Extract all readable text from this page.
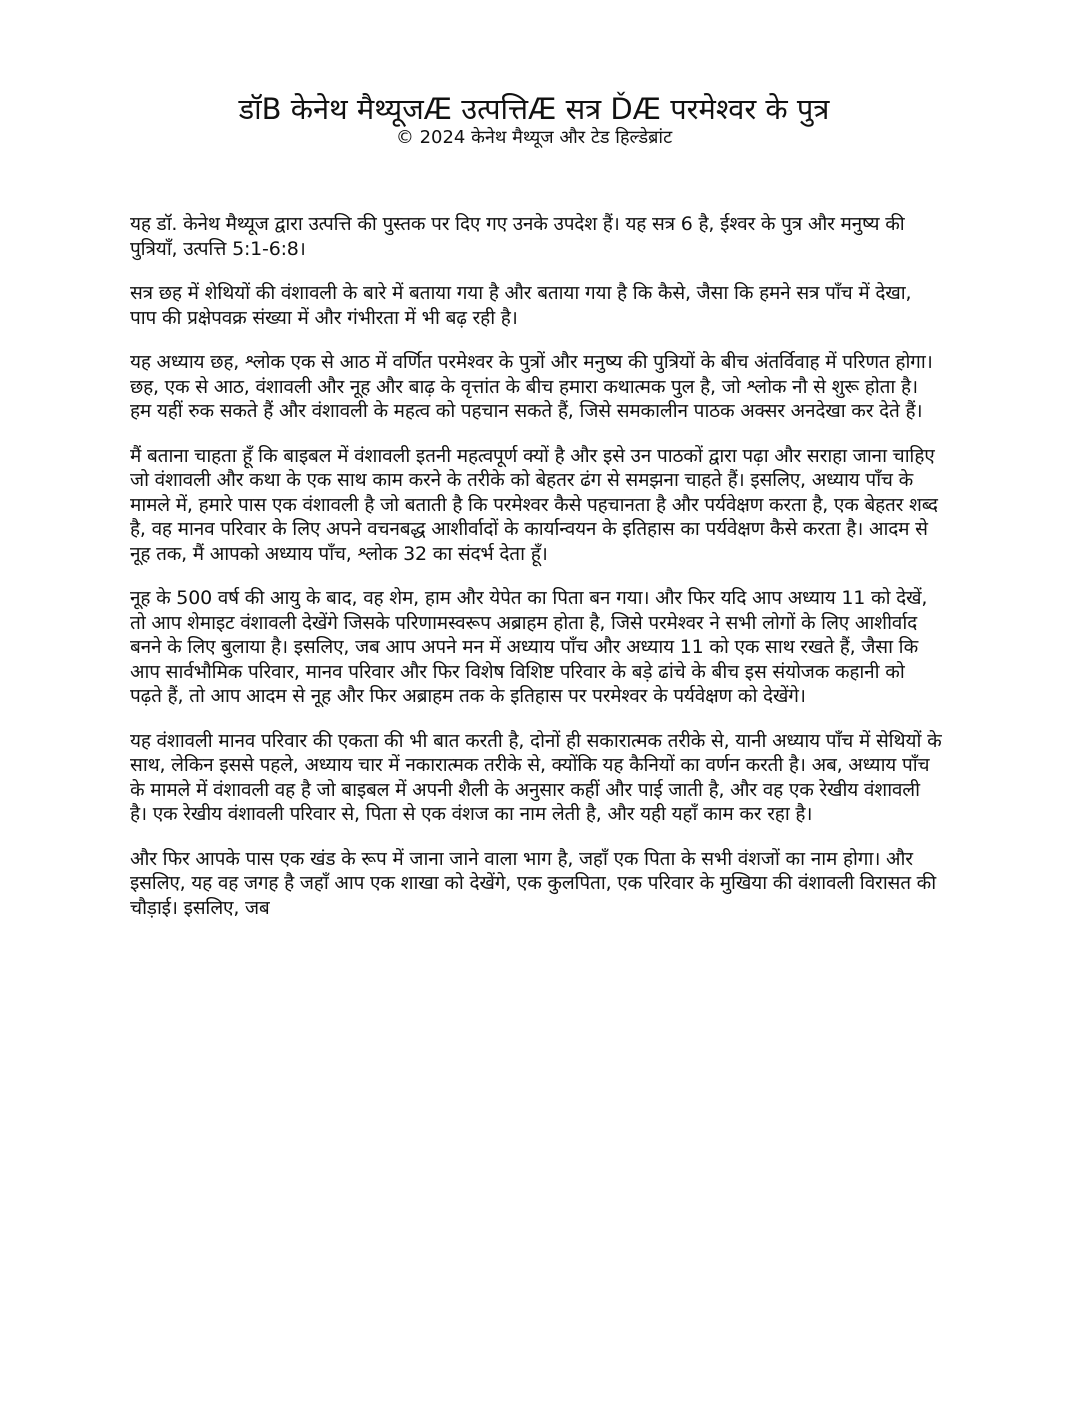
डॉB केनेथ मैथ्यूजÆ उत्पत्तिÆ सत्र ĎÆ परमेश्वर के पुत्र

© 2024 केनेथ मैथ्यूज और टेड हिल्डेब्रांट

यह डॉ. केनेथ मैथ्यूज द्वारा उत्पत्ति की पुस्तक पर दिए गए उनके उपदेश हैं। यह सत्र 6 है, ईश्वर के पुत्र और मनुष्य की पुत्रियाँ, उत्पत्ति 5:1-6:8।

सत्र छह में शेथियों की वंशावली के बारे में बताया गया है और बताया गया है कि कैसे, जैसा कि हमने सत्र पाँच में देखा, पाप की प्रक्षेपवक्र संख्या में और गंभीरता में भी बढ़ रही है।

यह अध्याय छह, श्लोक एक से आठ में वर्णित परमेश्वर के पुत्रों और मनुष्य की पुत्रियों के बीच अंतर्विवाह में परिणत होगा। छह, एक से आठ, वंशावली और नूह और बाढ़ के वृत्तांत के बीच हमारा कथात्मक पुल है, जो श्लोक नौ से शुरू होता है। हम यहीं रुक सकते हैं और वंशावली के महत्व को पहचान सकते हैं, जिसे समकालीन पाठक अक्सर अनदेखा कर देते हैं।

मैं बताना चाहता हूँ कि बाइबल में वंशावली इतनी महत्वपूर्ण क्यों है और इसे उन पाठकों द्वारा पढ़ा और सराहा जाना चाहिए जो वंशावली और कथा के एक साथ काम करने के तरीके को बेहतर ढंग से समझना चाहते हैं। इसलिए, अध्याय पाँच के मामले में, हमारे पास एक वंशावली है जो बताती है कि परमेश्वर कैसे पहचानता है और पर्यवेक्षण करता है, एक बेहतर शब्द है, वह मानव परिवार के लिए अपने वचनबद्ध आशीर्वादों के कार्यान्वयन के इतिहास का पर्यवेक्षण कैसे करता है। आदम से नूह तक, मैं आपको अध्याय पाँच, श्लोक 32 का संदर्भ देता हूँ।

नूह के 500 वर्ष की आयु के बाद, वह शेम, हाम और येपेत का पिता बन गया। और फिर यदि आप अध्याय 11 को देखें, तो आप शेमाइट वंशावली देखेंगे जिसके परिणामस्वरूप अब्राहम होता है, जिसे परमेश्वर ने सभी लोगों के लिए आशीर्वाद बनने के लिए बुलाया है। इसलिए, जब आप अपने मन में अध्याय पाँच और अध्याय 11 को एक साथ रखते हैं, जैसा कि आप सार्वभौमिक परिवार, मानव परिवार और फिर विशेष विशिष्ट परिवार के बड़े ढांचे के बीच इस संयोजक कहानी को पढ़ते हैं, तो आप आदम से नूह और फिर अब्राहम तक के इतिहास पर परमेश्वर के पर्यवेक्षण को देखेंगे।

यह वंशावली मानव परिवार की एकता की भी बात करती है, दोनों ही सकारात्मक तरीके से, यानी अध्याय पाँच में सेथियों के साथ, लेकिन इससे पहले, अध्याय चार में नकारात्मक तरीके से, क्योंकि यह कैनियों का वर्णन करती है। अब, अध्याय पाँच के मामले में वंशावली वह है जो बाइबल में अपनी शैली के अनुसार कहीं और पाई जाती है, और वह एक रेखीय वंशावली है। एक रेखीय वंशावली परिवार से, पिता से एक वंशज का नाम लेती है, और यही यहाँ काम कर रहा है।

और फिर आपके पास एक खंड के रूप में जाना जाने वाला भाग है, जहाँ एक पिता के सभी वंशजों का नाम होगा। और इसलिए, यह वह जगह है जहाँ आप एक शाखा को देखेंगे, एक कुलपिता, एक परिवार के मुखिया की वंशावली विरासत की चौड़ाई। इसलिए, जब
